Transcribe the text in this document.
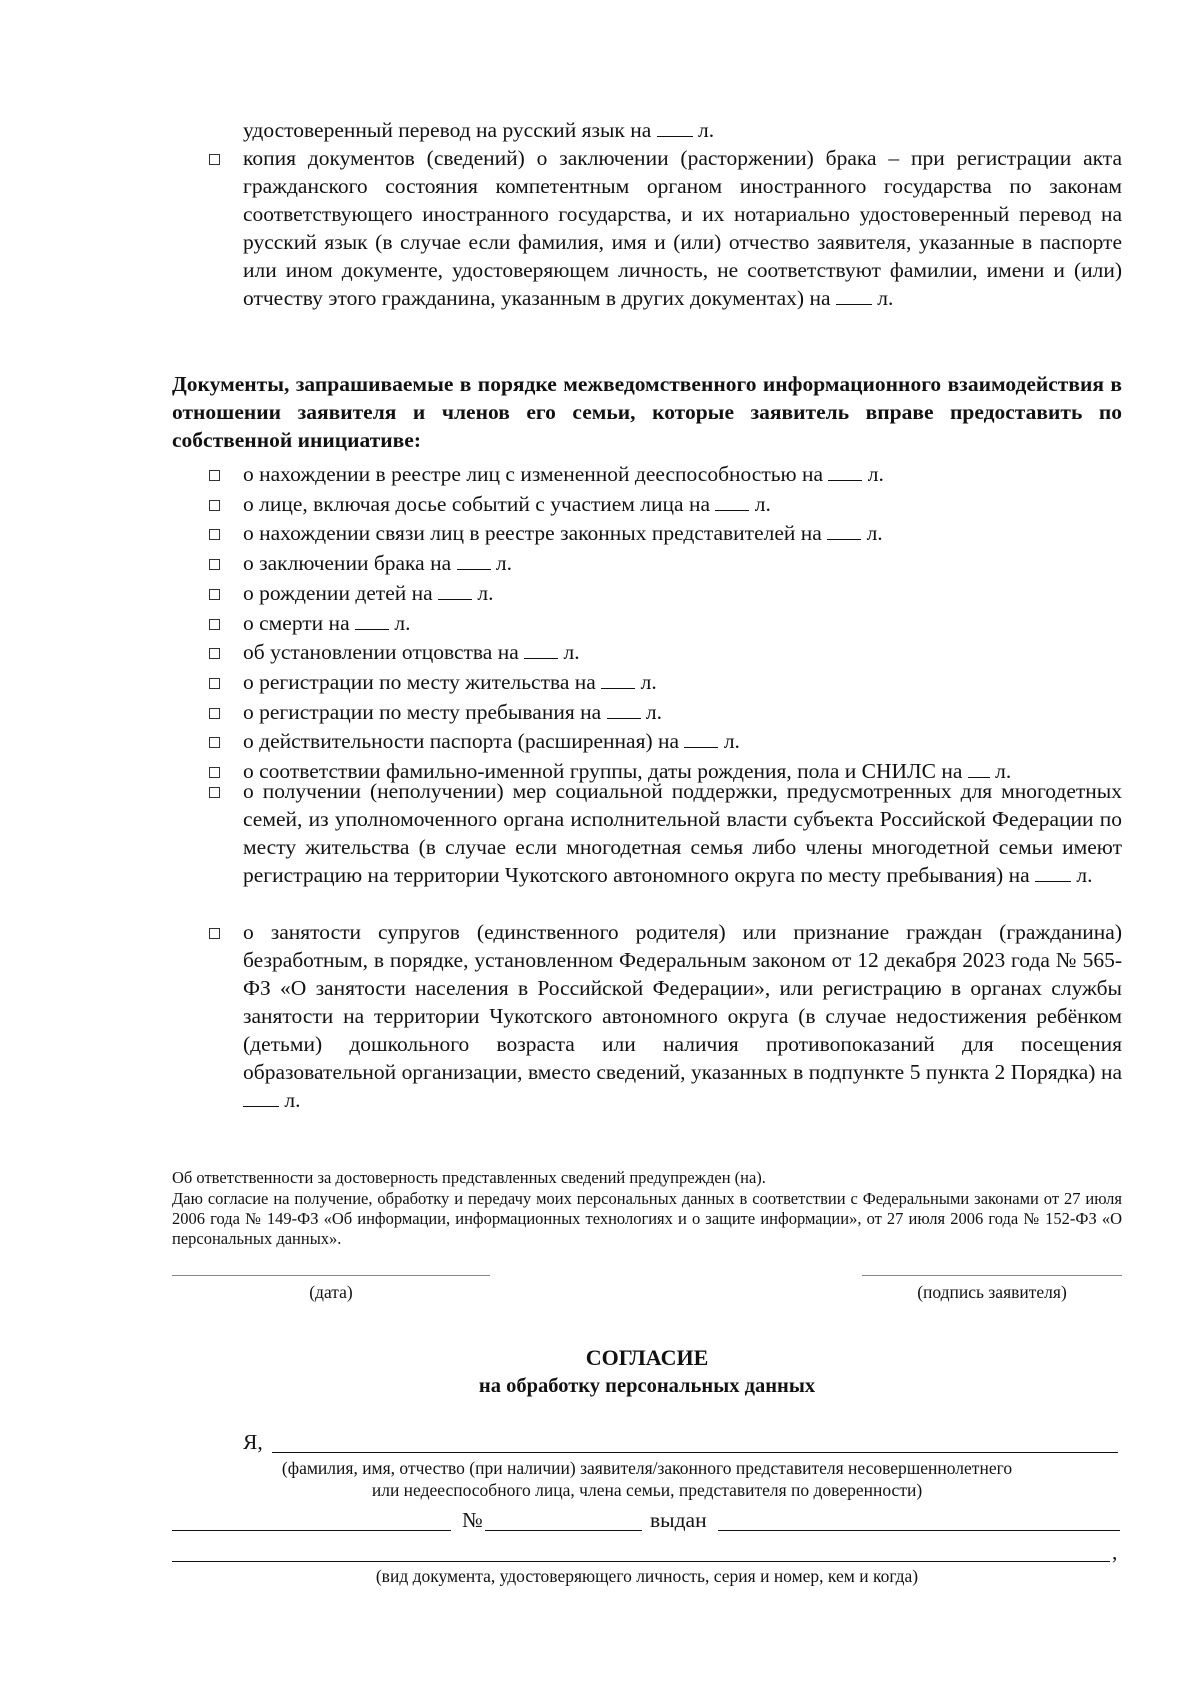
удостоверенный перевод на русский язык на  л.
копия документов (сведений) о заключении (расторжении) брака – при регистрации акта гражданского состояния компетентным органом иностранного государства по законам соответствующего иностранного государства, и их нотариально удостоверенный перевод на русский язык (в случае если фамилия, имя и (или) отчество заявителя, указанные в паспорте или ином документе, удостоверяющем личность, не соответствуют фамилии, имени и (или) отчеству этого гражданина, указанным в других документах) на  л.
Документы, запрашиваемые в порядке межведомственного информационного взаимодействия в отношении заявителя и членов его семьи, которые заявитель вправе предоставить по собственной инициативе:
о нахождении в реестре лиц с измененной дееспособностью на  л.
о лице, включая досье событий с участием лица на  л.
о нахождении связи лиц в реестре законных представителей на  л.
о заключении брака на  л.
о рождении детей на  л.
о смерти на  л.
об установлении отцовства на  л.
о регистрации по месту жительства на  л.
о регистрации по месту пребывания на  л.
о действительности паспорта (расширенная) на  л.
о соответствии фамильно-именной группы, даты рождения, пола и СНИЛС на  л.
о получении (неполучении) мер социальной поддержки, предусмотренных для многодетных семей, из уполномоченного органа исполнительной власти субъекта Российской Федерации по месту жительства (в случае если многодетная семья либо члены многодетной семьи имеют регистрацию на территории Чукотского автономного округа по месту пребывания) на  л.
о занятости супругов (единственного родителя) или признание граждан (гражданина) безработным, в порядке, установленном Федеральным законом от 12 декабря 2023 года № 565-ФЗ «О занятости населения в Российской Федерации», или регистрацию в органах службы занятости на территории Чукотского автономного округа (в случае недостижения ребёнком (детьми) дошкольного возраста или наличия противопоказаний для посещения образовательной организации, вместо сведений, указанных в подпункте 5 пункта 2 Порядка) на  л.
Об ответственности за достоверность представленных сведений предупрежден (на).
Даю согласие на получение, обработку и передачу моих персональных данных в соответствии с Федеральными законами от 27 июля 2006 года № 149-ФЗ «Об информации, информационных технологиях и о защите информации», от 27 июля 2006 года № 152-ФЗ «О персональных данных».
(дата)	(подпись заявителя)
СОГЛАСИЕ
на обработку персональных данных
Я,
(фамилия, имя, отчество (при наличии) заявителя/законного представителя несовершеннолетнего
или недееспособного лица, члена семьи, представителя по доверенности)
№	выдан
,
(вид документа, удостоверяющего личность, серия и номер, кем и когда)
